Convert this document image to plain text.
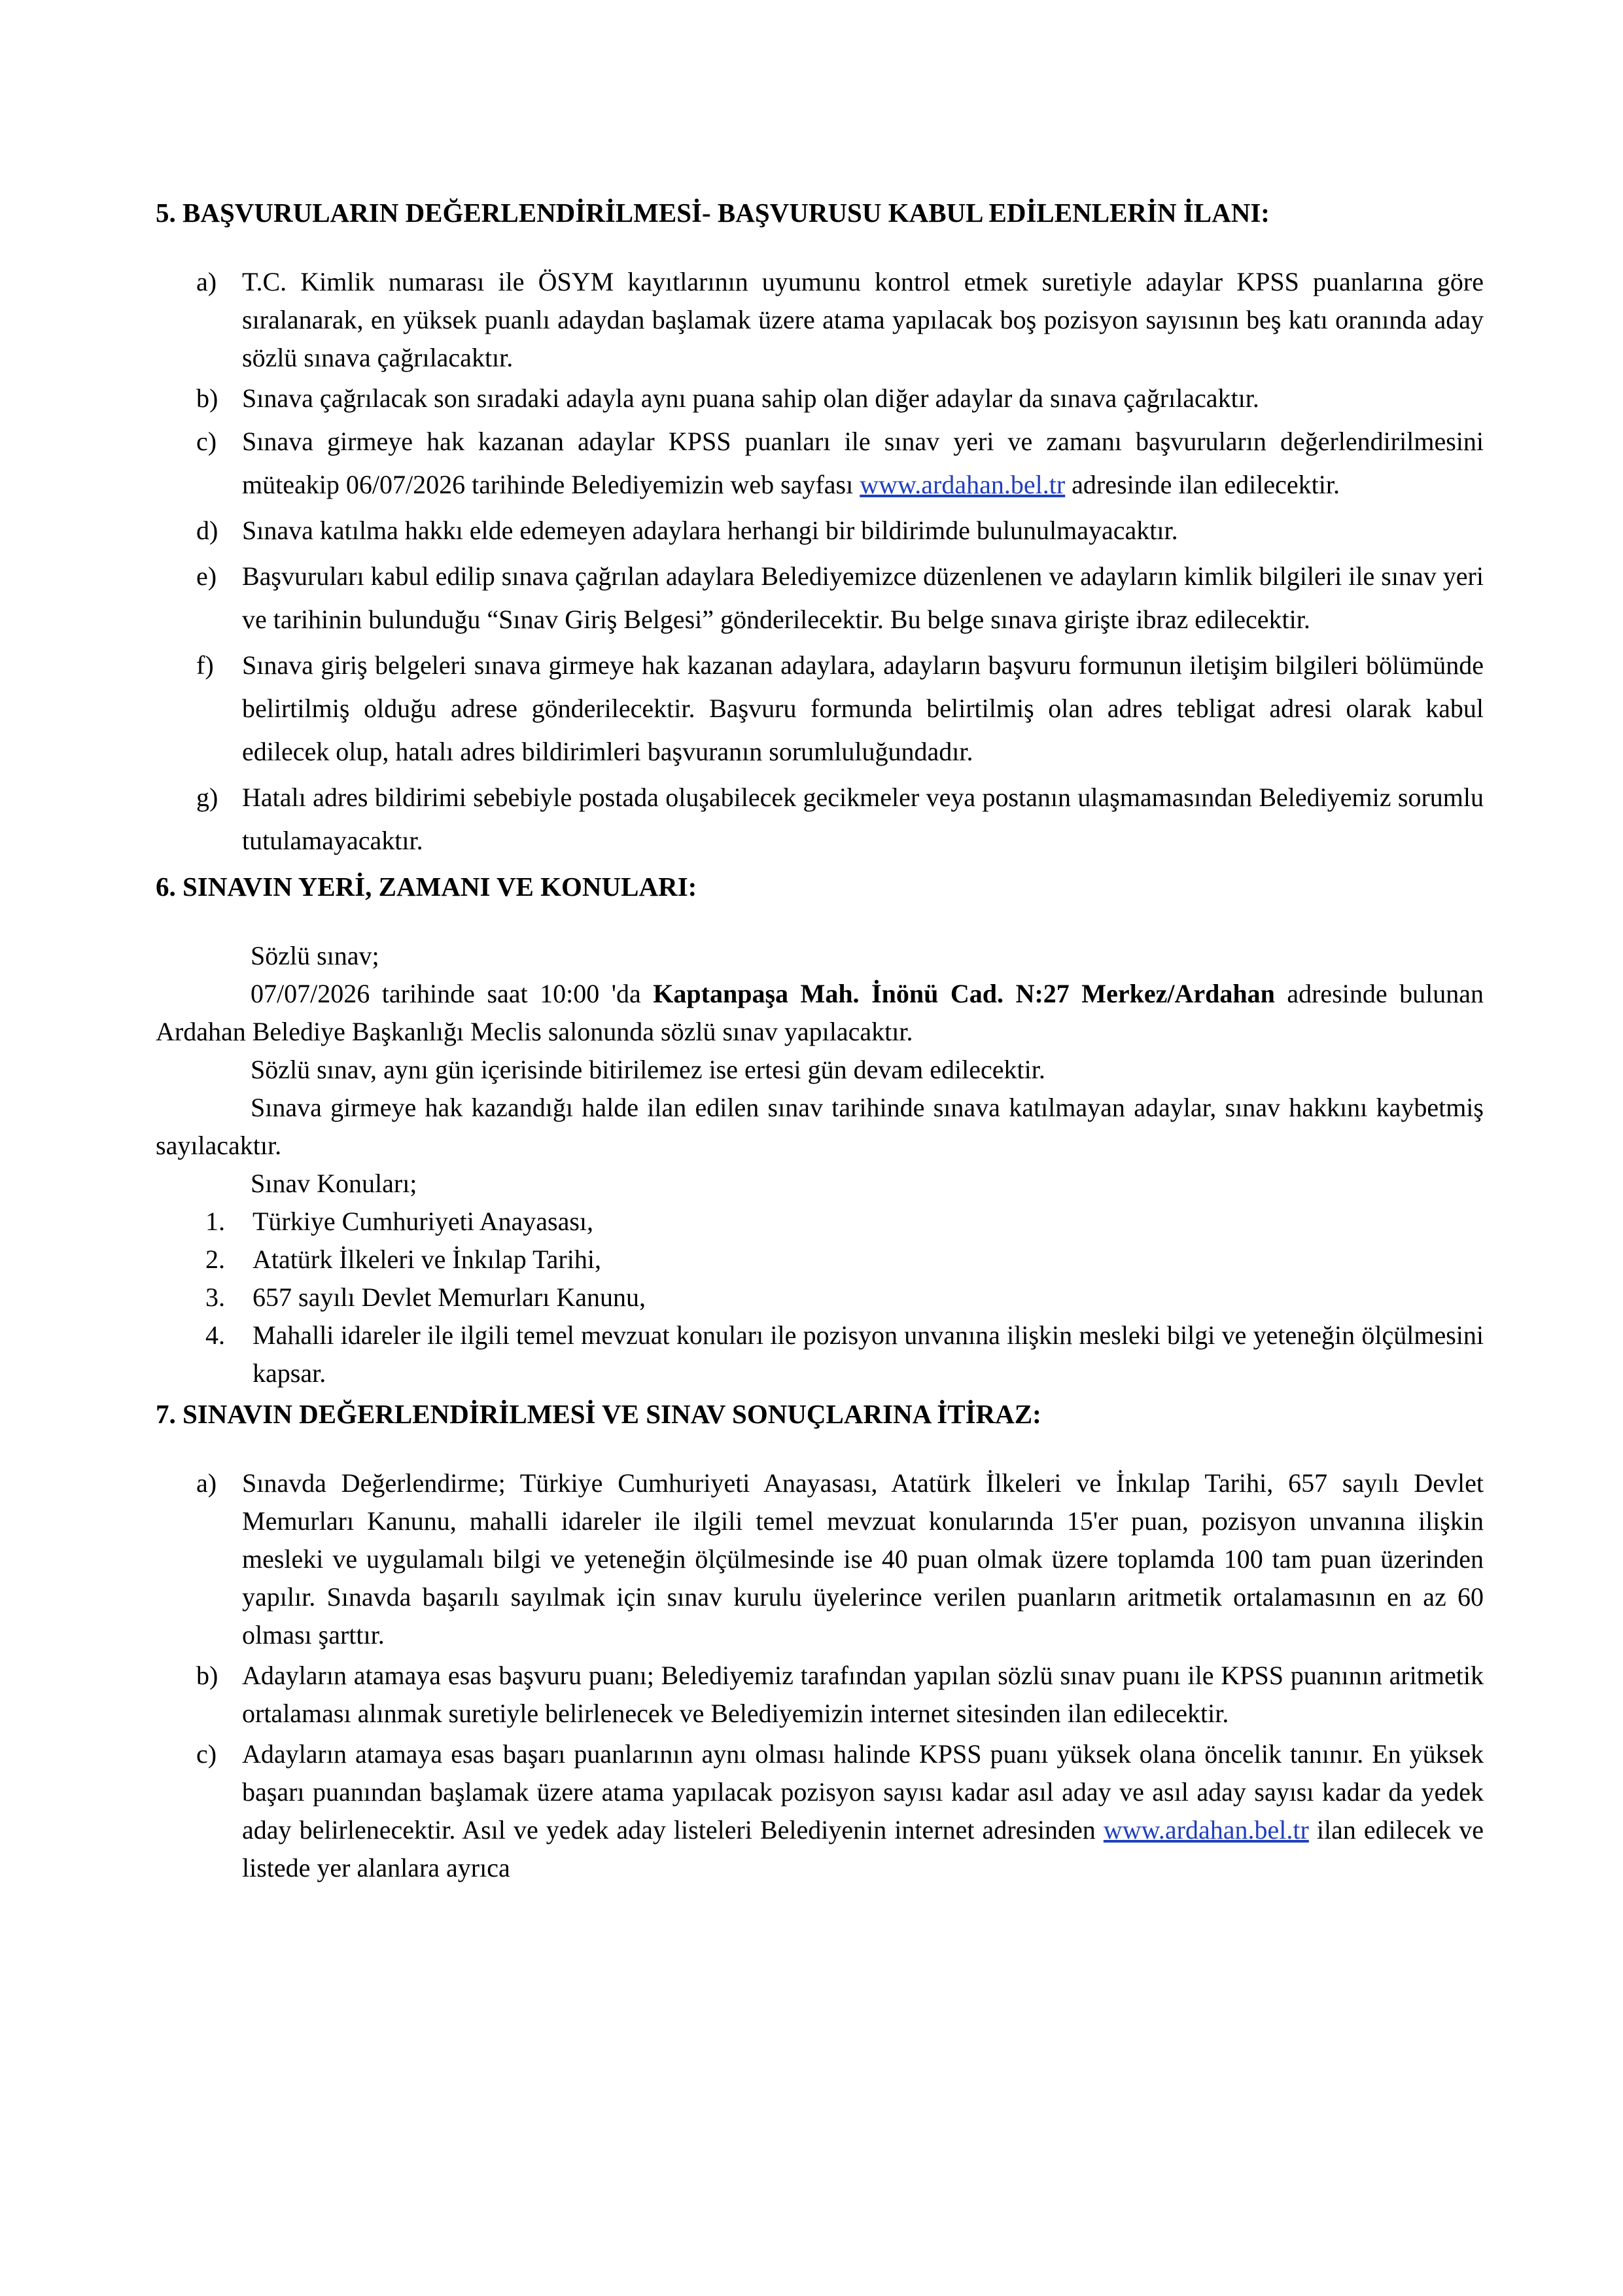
5. BAŞVURULARIN DEĞERLENDİRİLMESİ- BAŞVURUSU KABUL EDİLENLERİN İLANI:
a) T.C. Kimlik numarası ile ÖSYM kayıtlarının uyumunu kontrol etmek suretiyle adaylar KPSS puanlarına göre sıralanarak, en yüksek puanlı adaydan başlamak üzere atama yapılacak boş pozisyon sayısının beş katı oranında aday sözlü sınava çağrılacaktır.
b) Sınava çağrılacak son sıradaki adayla aynı puana sahip olan diğer adaylar da sınava çağrılacaktır.
c) Sınava girmeye hak kazanan adaylar KPSS puanları ile sınav yeri ve zamanı başvuruların değerlendirilmesini müteakip 06/07/2026 tarihinde Belediyemizin web sayfası www.ardahan.bel.tr adresinde ilan edilecektir.
d) Sınava katılma hakkı elde edemeyen adaylara herhangi bir bildirimde bulunulmayacaktır.
e) Başvuruları kabul edilip sınava çağrılan adaylara Belediyemizce düzenlenen ve adayların kimlik bilgileri ile sınav yeri ve tarihinin bulunduğu “Sınav Giriş Belgesi” gönderilecektir. Bu belge sınava girişte ibraz edilecektir.
f) Sınava giriş belgeleri sınava girmeye hak kazanan adaylara, adayların başvuru formunun iletişim bilgileri bölümünde belirtilmiş olduğu adrese gönderilecektir. Başvuru formunda belirtilmiş olan adres tebligat adresi olarak kabul edilecek olup, hatalı adres bildirimleri başvuranın sorumluluğundadır.
g) Hatalı adres bildirimi sebebiyle postada oluşabilecek gecikmeler veya postanın ulaşmamasından Belediyemiz sorumlu tutulamayacaktır.
6. SINAVIN YERİ, ZAMANI VE KONULARI:

Sözlü sınav;

07/07/2026 tarihinde saat 10:00 'da Kaptanpaşa Mah. İnönü Cad. N:27 Merkez/Ardahan adresinde bulunan Ardahan Belediye Başkanlığı Meclis salonunda sözlü sınav yapılacaktır.

Sözlü sınav, aynı gün içerisinde bitirilemez ise ertesi gün devam edilecektir.

Sınava girmeye hak kazandığı halde ilan edilen sınav tarihinde sınava katılmayan adaylar, sınav hakkını kaybetmiş sayılacaktır.

Sınav Konuları;

1. Türkiye Cumhuriyeti Anayasası,
2. Atatürk İlkeleri ve İnkılap Tarihi,
3. 657 sayılı Devlet Memurları Kanunu,
4. Mahalli idareler ile ilgili temel mevzuat konuları ile pozisyon unvanına ilişkin mesleki bilgi ve yeteneğin ölçülmesini kapsar.
7. SINAVIN DEĞERLENDİRİLMESİ VE SINAV SONUÇLARINA İTİRAZ:
a) Sınavda Değerlendirme; Türkiye Cumhuriyeti Anayasası, Atatürk İlkeleri ve İnkılap Tarihi, 657 sayılı Devlet Memurları Kanunu, mahalli idareler ile ilgili temel mevzuat konularında 15'er puan, pozisyon unvanına ilişkin mesleki ve uygulamalı bilgi ve yeteneğin ölçülmesinde ise 40 puan olmak üzere toplamda 100 tam puan üzerinden yapılır. Sınavda başarılı sayılmak için sınav kurulu üyelerince verilen puanların aritmetik ortalamasının en az 60 olması şarttır.
b) Adayların atamaya esas başvuru puanı; Belediyemiz tarafından yapılan sözlü sınav puanı ile KPSS puanının aritmetik ortalaması alınmak suretiyle belirlenecek ve Belediyemizin internet sitesinden ilan edilecektir.
c) Adayların atamaya esas başarı puanlarının aynı olması halinde KPSS puanı yüksek olana öncelik tanınır. En yüksek başarı puanından başlamak üzere atama yapılacak pozisyon sayısı kadar asıl aday ve asıl aday sayısı kadar da yedek aday belirlenecektir. Asıl ve yedek aday listeleri Belediyenin internet adresinden www.ardahan.bel.tr ilan edilecek ve listede yer alanlara ayrıca
